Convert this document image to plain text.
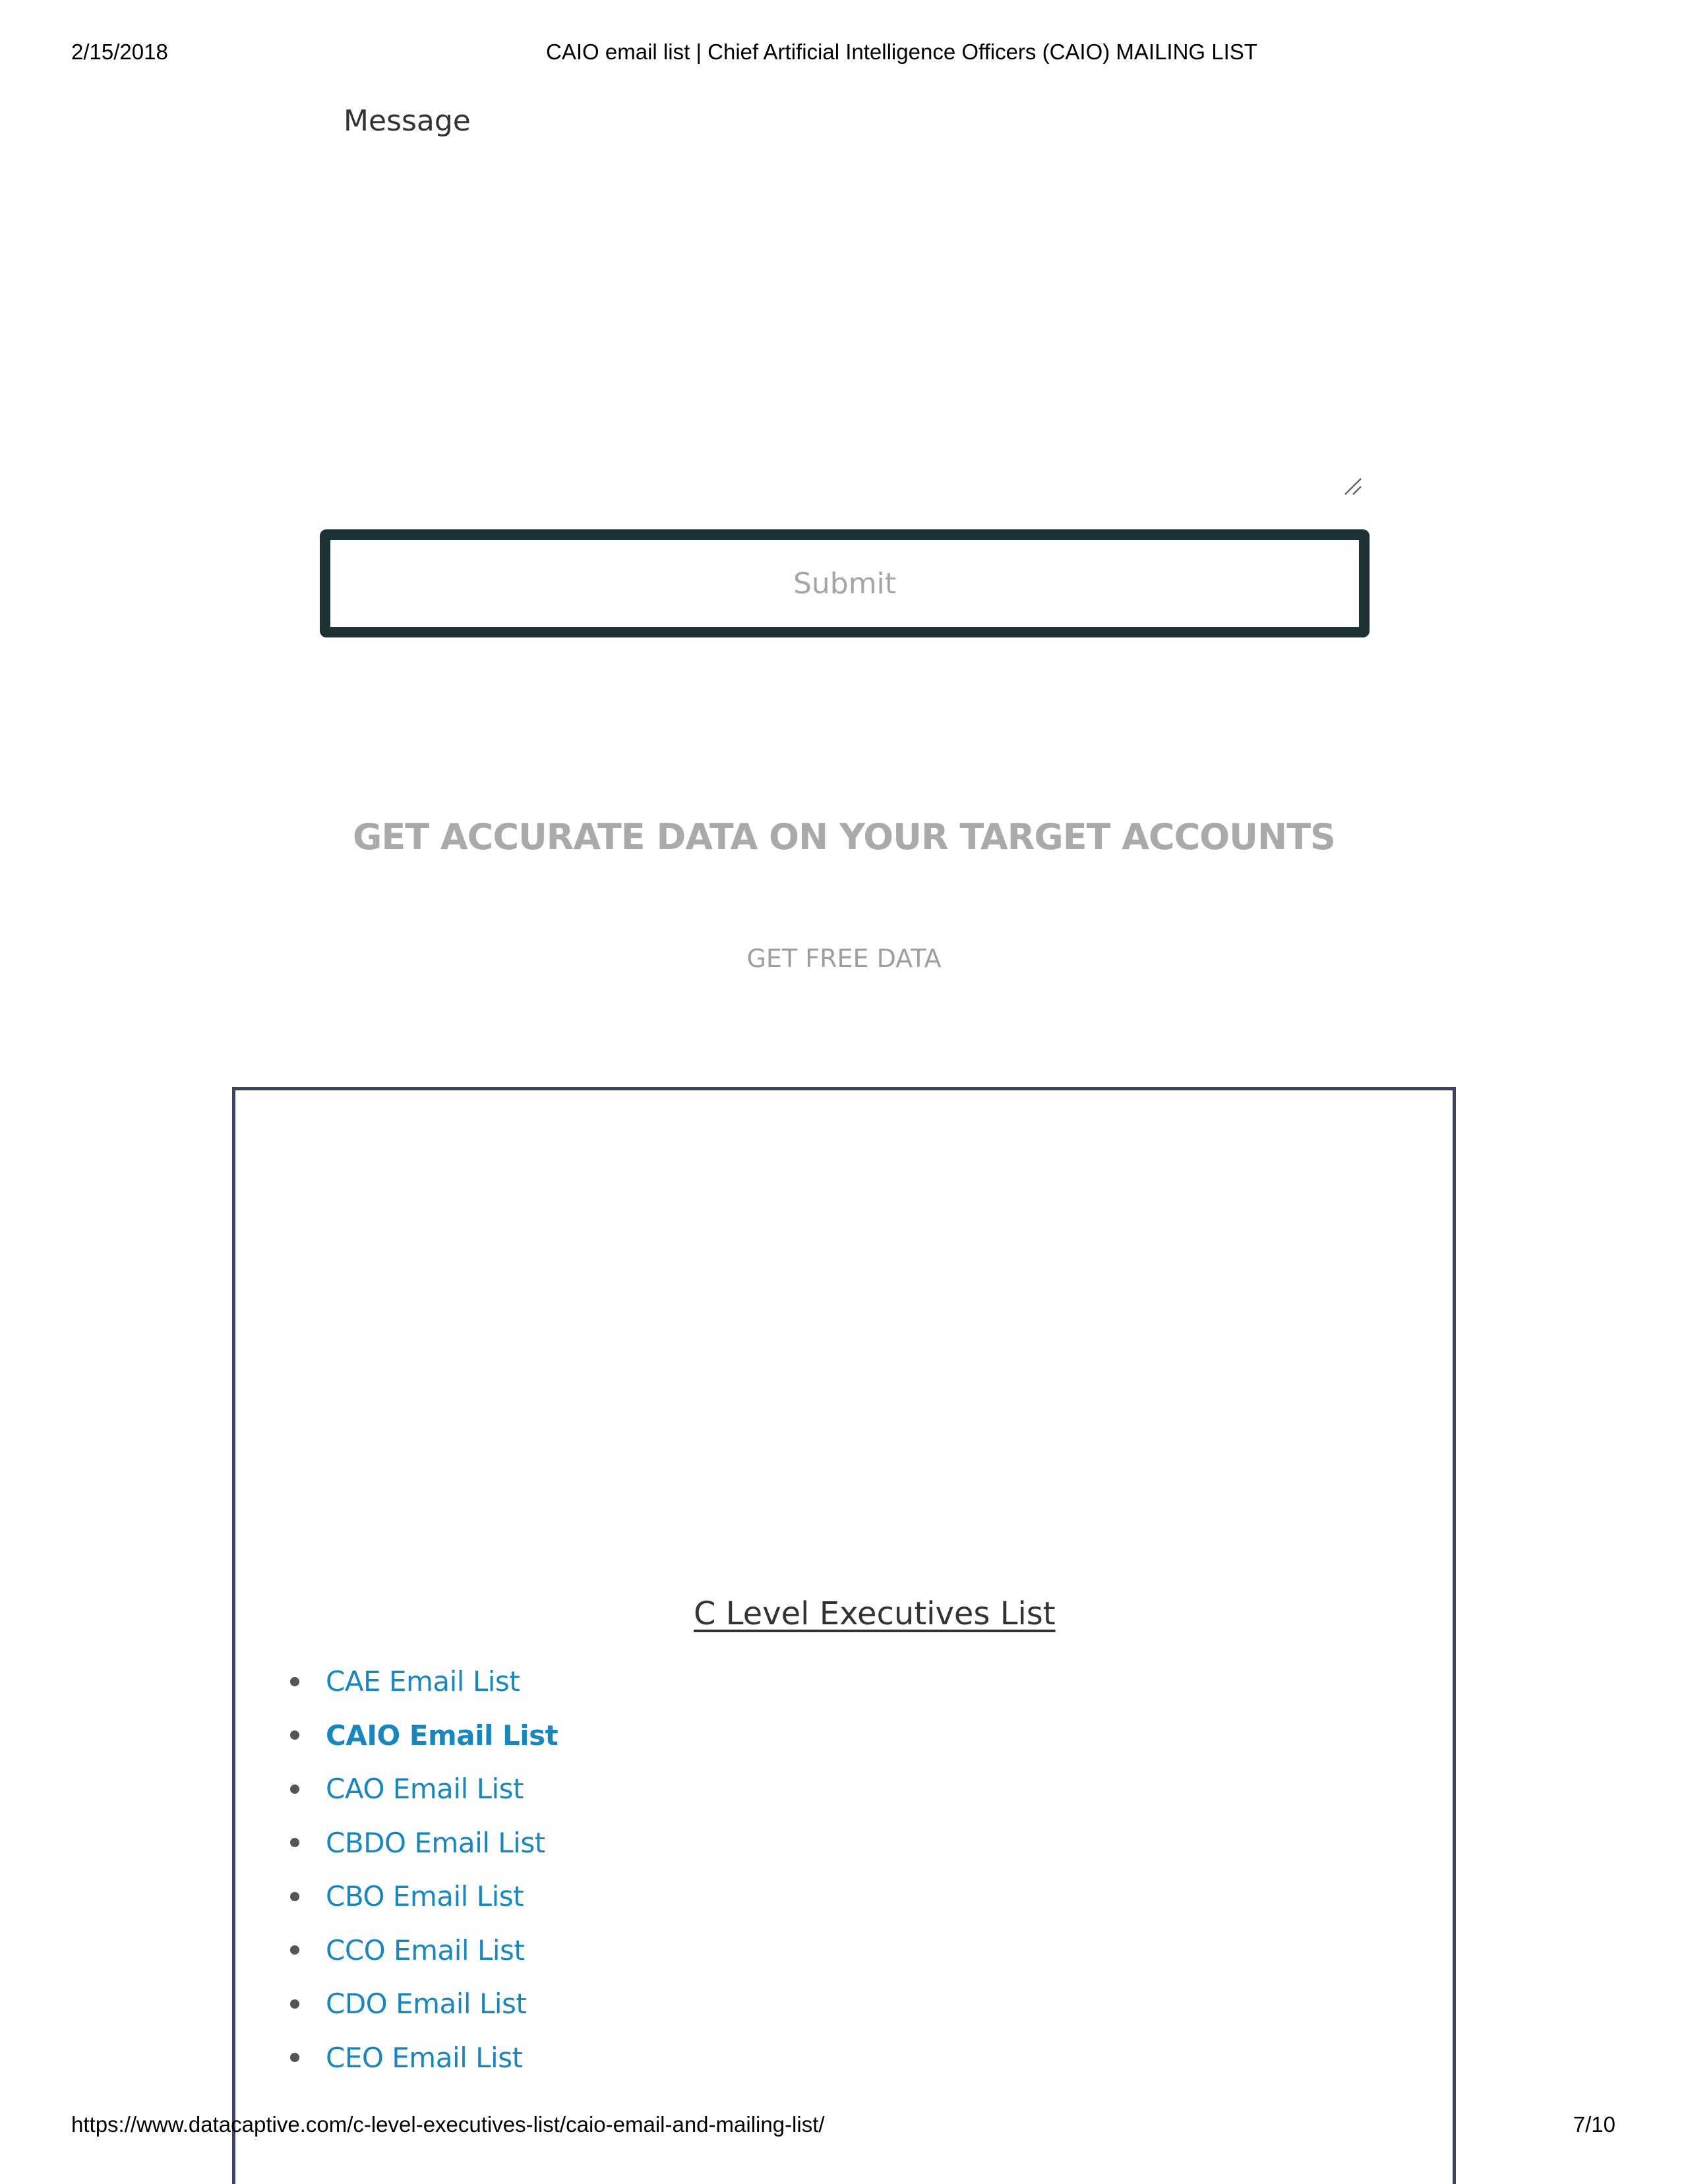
2/15/2018	CAIO email list | Chief Artificial Intelligence Officers (CAIO) MAILING LIST
Message
Submit
GET ACCURATE DATA ON YOUR TARGET ACCOUNTS
GET FREE DATA
C Level Executives List
CAE Email List
CAIO Email List
CAO Email List
CBDO Email List
CBO Email List
CCO Email List
CDO Email List
CEO Email List
https://www.datacaptive.com/c-level-executives-list/caio-email-and-mailing-list/	7/10
